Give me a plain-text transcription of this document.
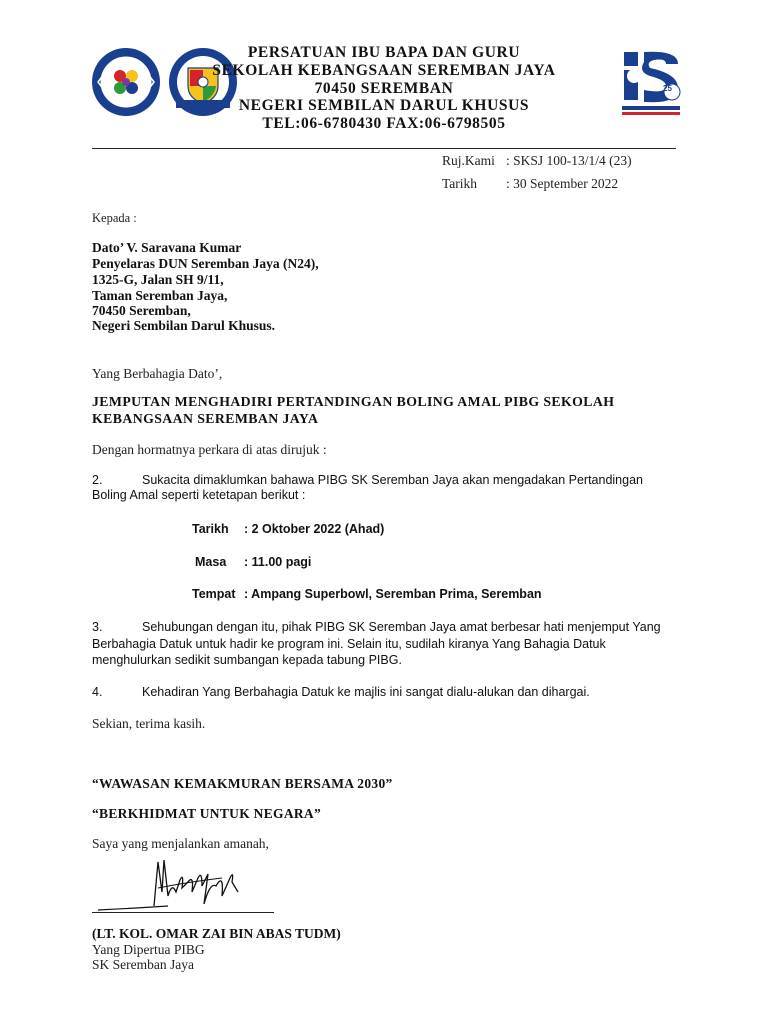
25
PERSATUAN IBU BAPA DAN GURU
SEKOLAH KEBANGSAAN SEREMBAN JAYA
70450 SEREMBAN
NEGERI SEMBILAN DARUL KHUSUS
TEL:06-6780430 FAX:06-6798505
Ruj.Kami : SKSJ 100-13/1/4 (23)
Tarikh : 30 September 2022
Kepada :
Dato’ V. Saravana Kumar
Penyelaras DUN Seremban Jaya (N24),
1325-G, Jalan SH 9/11,
Taman Seremban Jaya,
70450 Seremban,
Negeri Sembilan Darul Khusus.
Yang Berbahagia Dato’,
JEMPUTAN MENGHADIRI PERTANDINGAN BOLING AMAL PIBG SEKOLAH
KEBANGSAAN SEREMBAN JAYA
Dengan hormatnya perkara di atas dirujuk :
2.	Sukacita dimaklumkan bahawa PIBG SK Seremban Jaya akan mengadakan Pertandingan
Boling Amal seperti ketetapan berikut :
Tarikh : 2 Oktober 2022 (Ahad)
Masa : 11.00 pagi
Tempat : Ampang Superbowl, Seremban Prima, Seremban
3.	Sehubungan dengan itu, pihak PIBG SK Seremban Jaya amat berbesar hati menjemput Yang
Berbahagia Datuk untuk hadir ke program ini. Selain itu, sudilah kiranya Yang Bahagia Datuk
menghulurkan sedikit sumbangan kepada tabung PIBG.
4.	Kehadiran Yang Berbahagia Datuk ke majlis ini sangat dialu-alukan dan dihargai.
Sekian, terima kasih.
“WAWASAN KEMAKMURAN BERSAMA 2030”
“BERKHIDMAT UNTUK NEGARA”
Saya yang menjalankan amanah,
(LT. KOL. OMAR ZAI BIN ABAS TUDM)
Yang Dipertua PIBG
SK Seremban Jaya
